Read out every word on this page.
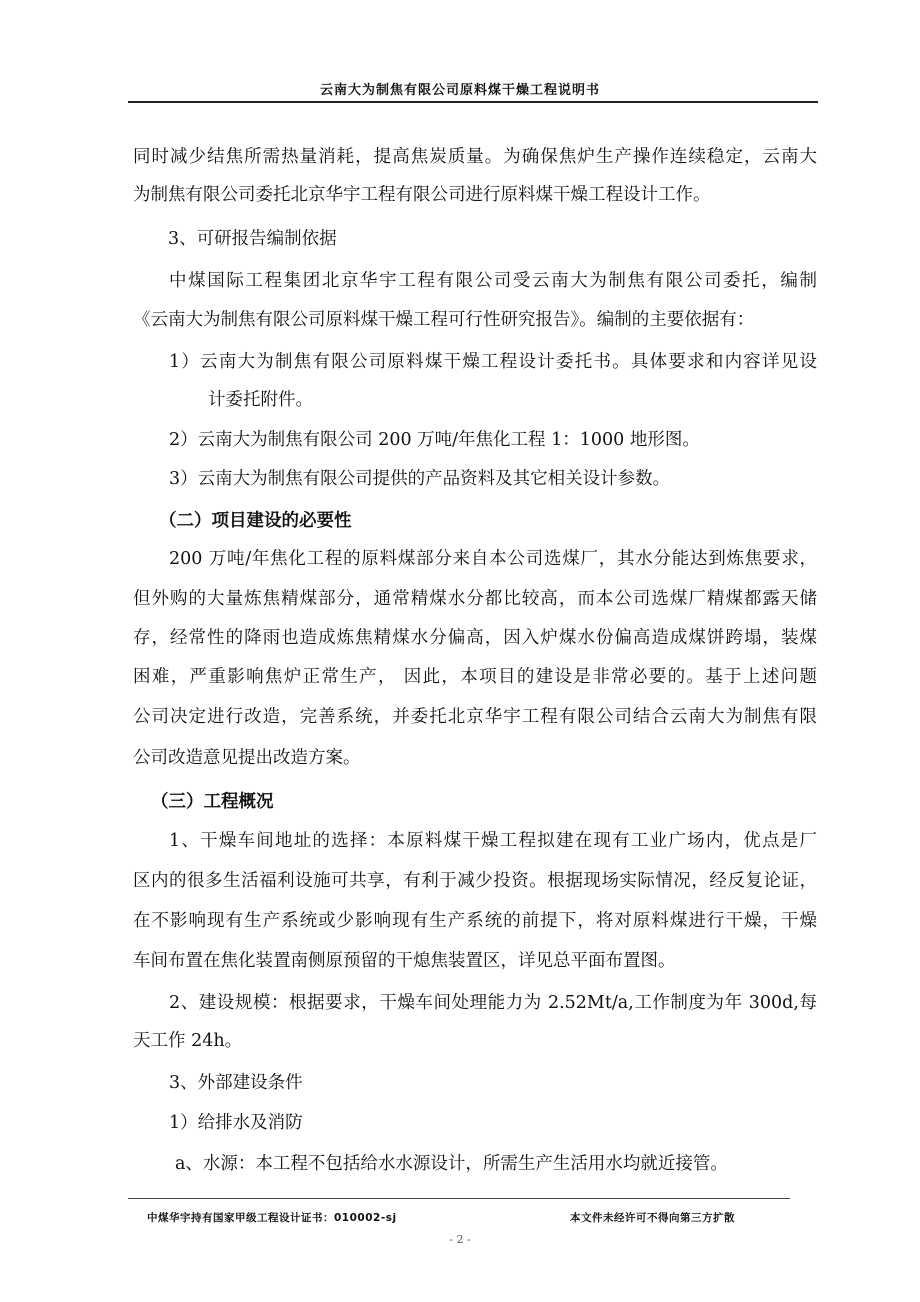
云南大为制焦有限公司原料煤干燥工程说明书
同时减少结焦所需热量消耗，提高焦炭质量。为确保焦炉生产操作连续稳定，云南大
为制焦有限公司委托北京华宇工程有限公司进行原料煤干燥工程设计工作。
3、可研报告编制依据
中煤国际工程集团北京华宇工程有限公司受云南大为制焦有限公司委托，编制
《云南大为制焦有限公司原料煤干燥工程可行性研究报告》。编制的主要依据有：
1）云南大为制焦有限公司原料煤干燥工程设计委托书。具体要求和内容详见设
计委托附件。
2）云南大为制焦有限公司 200 万吨/年焦化工程 1：1000 地形图。
3）云南大为制焦有限公司提供的产品资料及其它相关设计参数。
（二）项目建设的必要性
200 万吨/年焦化工程的原料煤部分来自本公司选煤厂，其水分能达到炼焦要求，
但外购的大量炼焦精煤部分，通常精煤水分都比较高，而本公司选煤厂精煤都露天储
存，经常性的降雨也造成炼焦精煤水分偏高，因入炉煤水份偏高造成煤饼跨塌，装煤
困难，严重影响焦炉正常生产， 因此，本项目的建设是非常必要的。基于上述问题
公司决定进行改造，完善系统，并委托北京华宇工程有限公司结合云南大为制焦有限
公司改造意见提出改造方案。
（三）工程概况
1、干燥车间地址的选择：本原料煤干燥工程拟建在现有工业广场内，优点是厂
区内的很多生活福利设施可共享，有利于减少投资。根据现场实际情况，经反复论证，
在不影响现有生产系统或少影响现有生产系统的前提下，将对原料煤进行干燥，干燥
车间布置在焦化装置南侧原预留的干熄焦装置区，详见总平面布置图。
2、建设规模：根据要求，干燥车间处理能力为 2.52Mt/a,工作制度为年 300d,每
天工作 24h。
3、外部建设条件
1）给排水及消防
a、水源：本工程不包括给水水源设计，所需生产生活用水均就近接管。
中煤华宇持有国家甲级工程设计证书：010002-sj	本文件未经许可不得向第三方扩散
- 2 -
